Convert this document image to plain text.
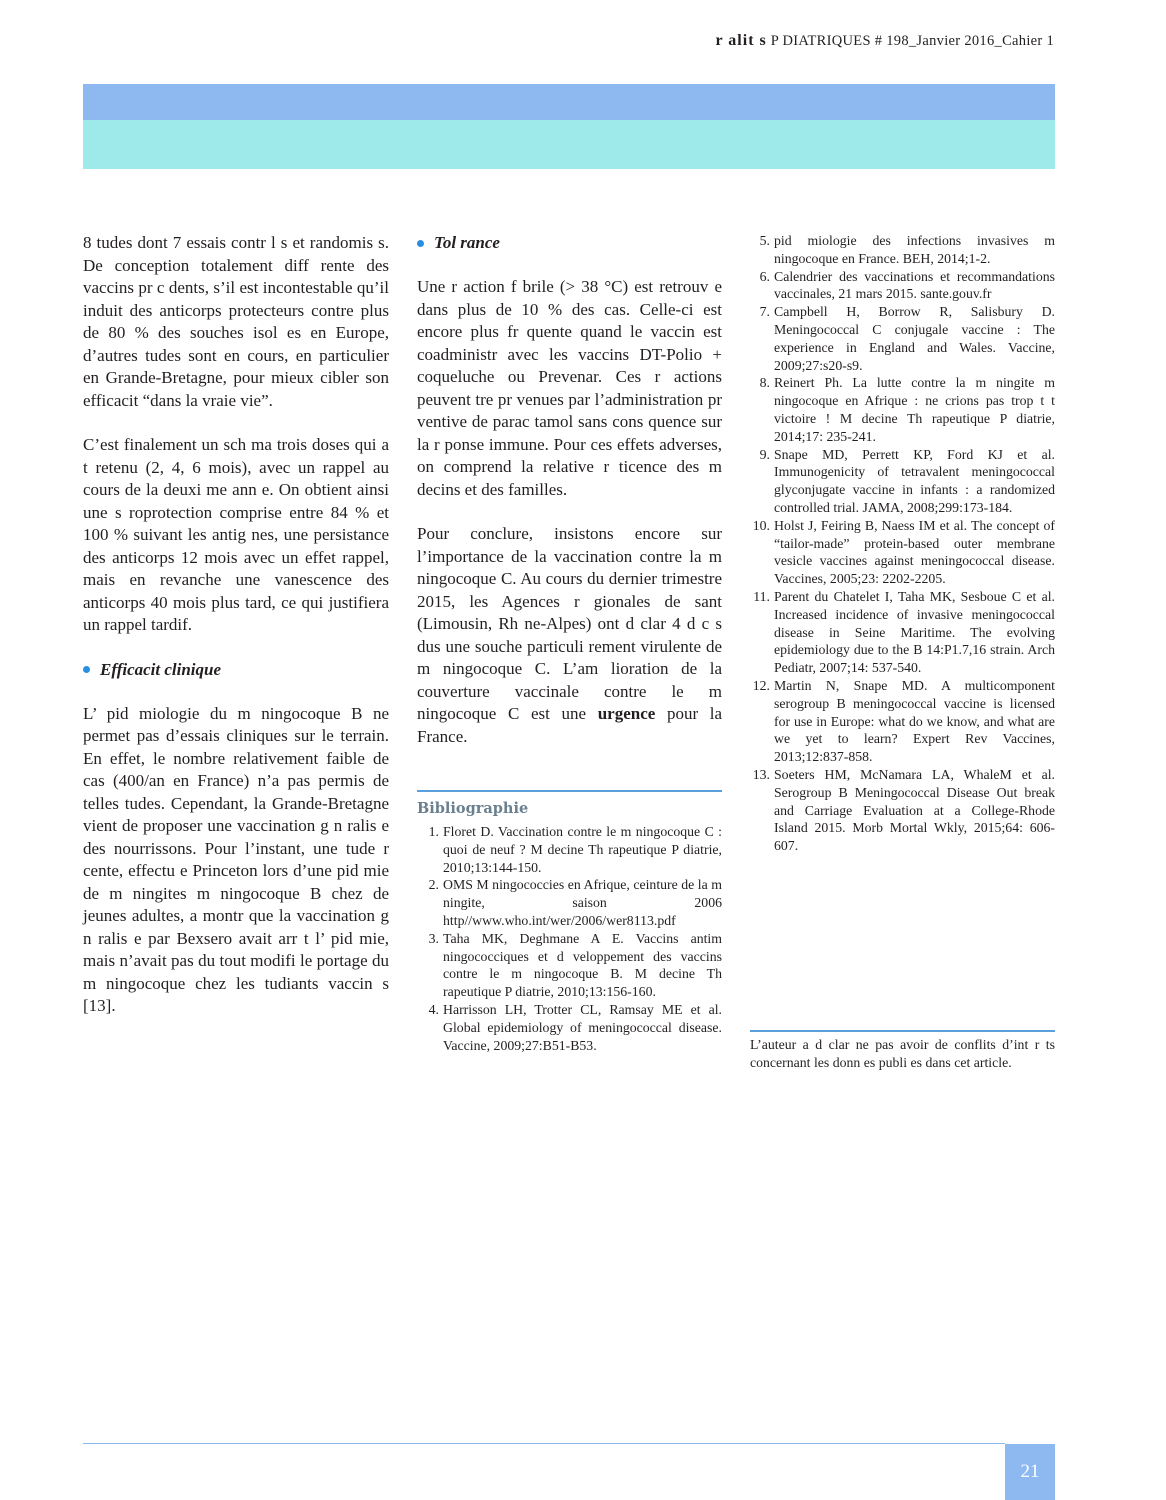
r alit s P DIATRIQUES # 198_Janvier 2016_Cahier 1

8 tudes dont 7 essais contr l s et randomis s. De conception totalement diff rente des vaccins pr c dents, s’il est incontestable qu’il induit des anticorps protecteurs contre plus de 80 % des souches isol es en Europe, d’autres tudes sont en cours, en particulier en Grande-Bretagne, pour mieux cibler son efficacit “dans la vraie vie”.

C’est finalement un sch ma trois doses qui a t retenu (2, 4, 6 mois), avec un rappel au cours de la deuxi me ann e. On obtient ainsi une s roprotection comprise entre 84 % et 100 % suivant les antig nes, une persistance des anticorps 12 mois avec un effet rappel, mais en revanche une vanescence des anticorps 40 mois plus tard, ce qui justifiera un rappel tardif.

Efficacit clinique

L’ pid miologie du m ningocoque B ne permet pas d’essais cliniques sur le terrain. En effet, le nombre relativement faible de cas (400/an en France) n’a pas permis de telles tudes. Cependant, la Grande-Bretagne vient de proposer une vaccination g n ralis e des nourrissons. Pour l’instant, une tude r cente, effectu e Princeton lors d’une pid mie de m ningites m ningocoque B chez de jeunes adultes, a montr que la vaccination g n ralis e par Bexsero avait arr t l’ pid mie, mais n’avait pas du tout modifi le portage du m ningocoque chez les tudiants vaccin s [13].

Tol rance

Une r action f brile (> 38 °C) est retrouv e dans plus de 10 % des cas. Celle-ci est encore plus fr quente quand le vaccin est coadministr avec les vaccins DT-Polio + coqueluche ou Prevenar. Ces r actions peuvent tre pr venues par l’administration pr ventive de parac tamol sans cons quence sur la r ponse immune. Pour ces effets adverses, on comprend la relative r ticence des m decins et des familles.

Pour conclure, insistons encore sur l’importance de la vaccination contre la m ningocoque C. Au cours du dernier trimestre 2015, les Agences r gionales de sant (Limousin, Rh ne-Alpes) ont d clar 4 d c s dus une souche particuli rement virulente de m ningocoque C. L’am lioration de la couverture vaccinale contre le m ningocoque C est une urgence pour la France.

Bibliographie
1. Floret D. Vaccination contre le m ningocoque C : quoi de neuf ? M decine Th rapeutique P diatrie, 2010;13:144-150.
2. OMS M ningococcies en Afrique, ceinture de la m ningite, saison 2006 http//www.who.int/wer/2006/wer8113.pdf
3. Taha MK, Deghmane A E. Vaccins antim ningococciques et d veloppement des vaccins contre le m ningocoque B. M decine Th rapeutique P diatrie, 2010;13:156-160.
4. Harrisson LH, Trotter CL, Ramsay ME et al. Global epidemiology of meningococcal disease. Vaccine, 2009;27:B51-B53.
5. pid miologie des infections invasives m ningocoque en France. BEH, 2014;1-2.
6. Calendrier des vaccinations et recommandations vaccinales, 21 mars 2015. sante.gouv.fr
7. Campbell H, Borrow R, Salisbury D. Meningococcal C conjugale vaccine : The experience in England and Wales. Vaccine, 2009;27:s20-s9.
8. Reinert Ph. La lutte contre la m ningite m ningocoque en Afrique : ne crions pas trop t t victoire ! M decine Th rapeutique P diatrie, 2014;17: 235-241.
9. Snape MD, Perrett KP, Ford KJ et al. Immunogenicity of tetravalent meningococcal glyconjugate vaccine in infants : a randomized controlled trial. JAMA, 2008;299:173-184.
10. Holst J, Feiring B, Naess IM et al. The concept of “tailor-made” protein-based outer membrane vesicle vaccines against meningococcal disease. Vaccines, 2005;23: 2202-2205.
11. Parent du Chatelet I, Taha MK, Sesboue C et al. Increased incidence of invasive meningococcal disease in Seine Maritime. The evolving epidemiology due to the B 14:P1.7,16 strain. Arch Pediatr, 2007;14: 537-540.
12. Martin N, Snape MD. A multicomponent serogroup B meningococcal vaccine is licensed for use in Europe: what do we know, and what are we yet to learn? Expert Rev Vaccines, 2013;12:837-858.
13. Soeters HM, McNamara LA, WhaleM et al. Serogroup B Meningococcal Disease Out break and Carriage Evaluation at a College-Rhode Island 2015. Morb Mortal Wkly, 2015;64: 606-607.

L’auteur a d clar ne pas avoir de conflits d’int r ts concernant les donn es publi es dans cet article.

21
